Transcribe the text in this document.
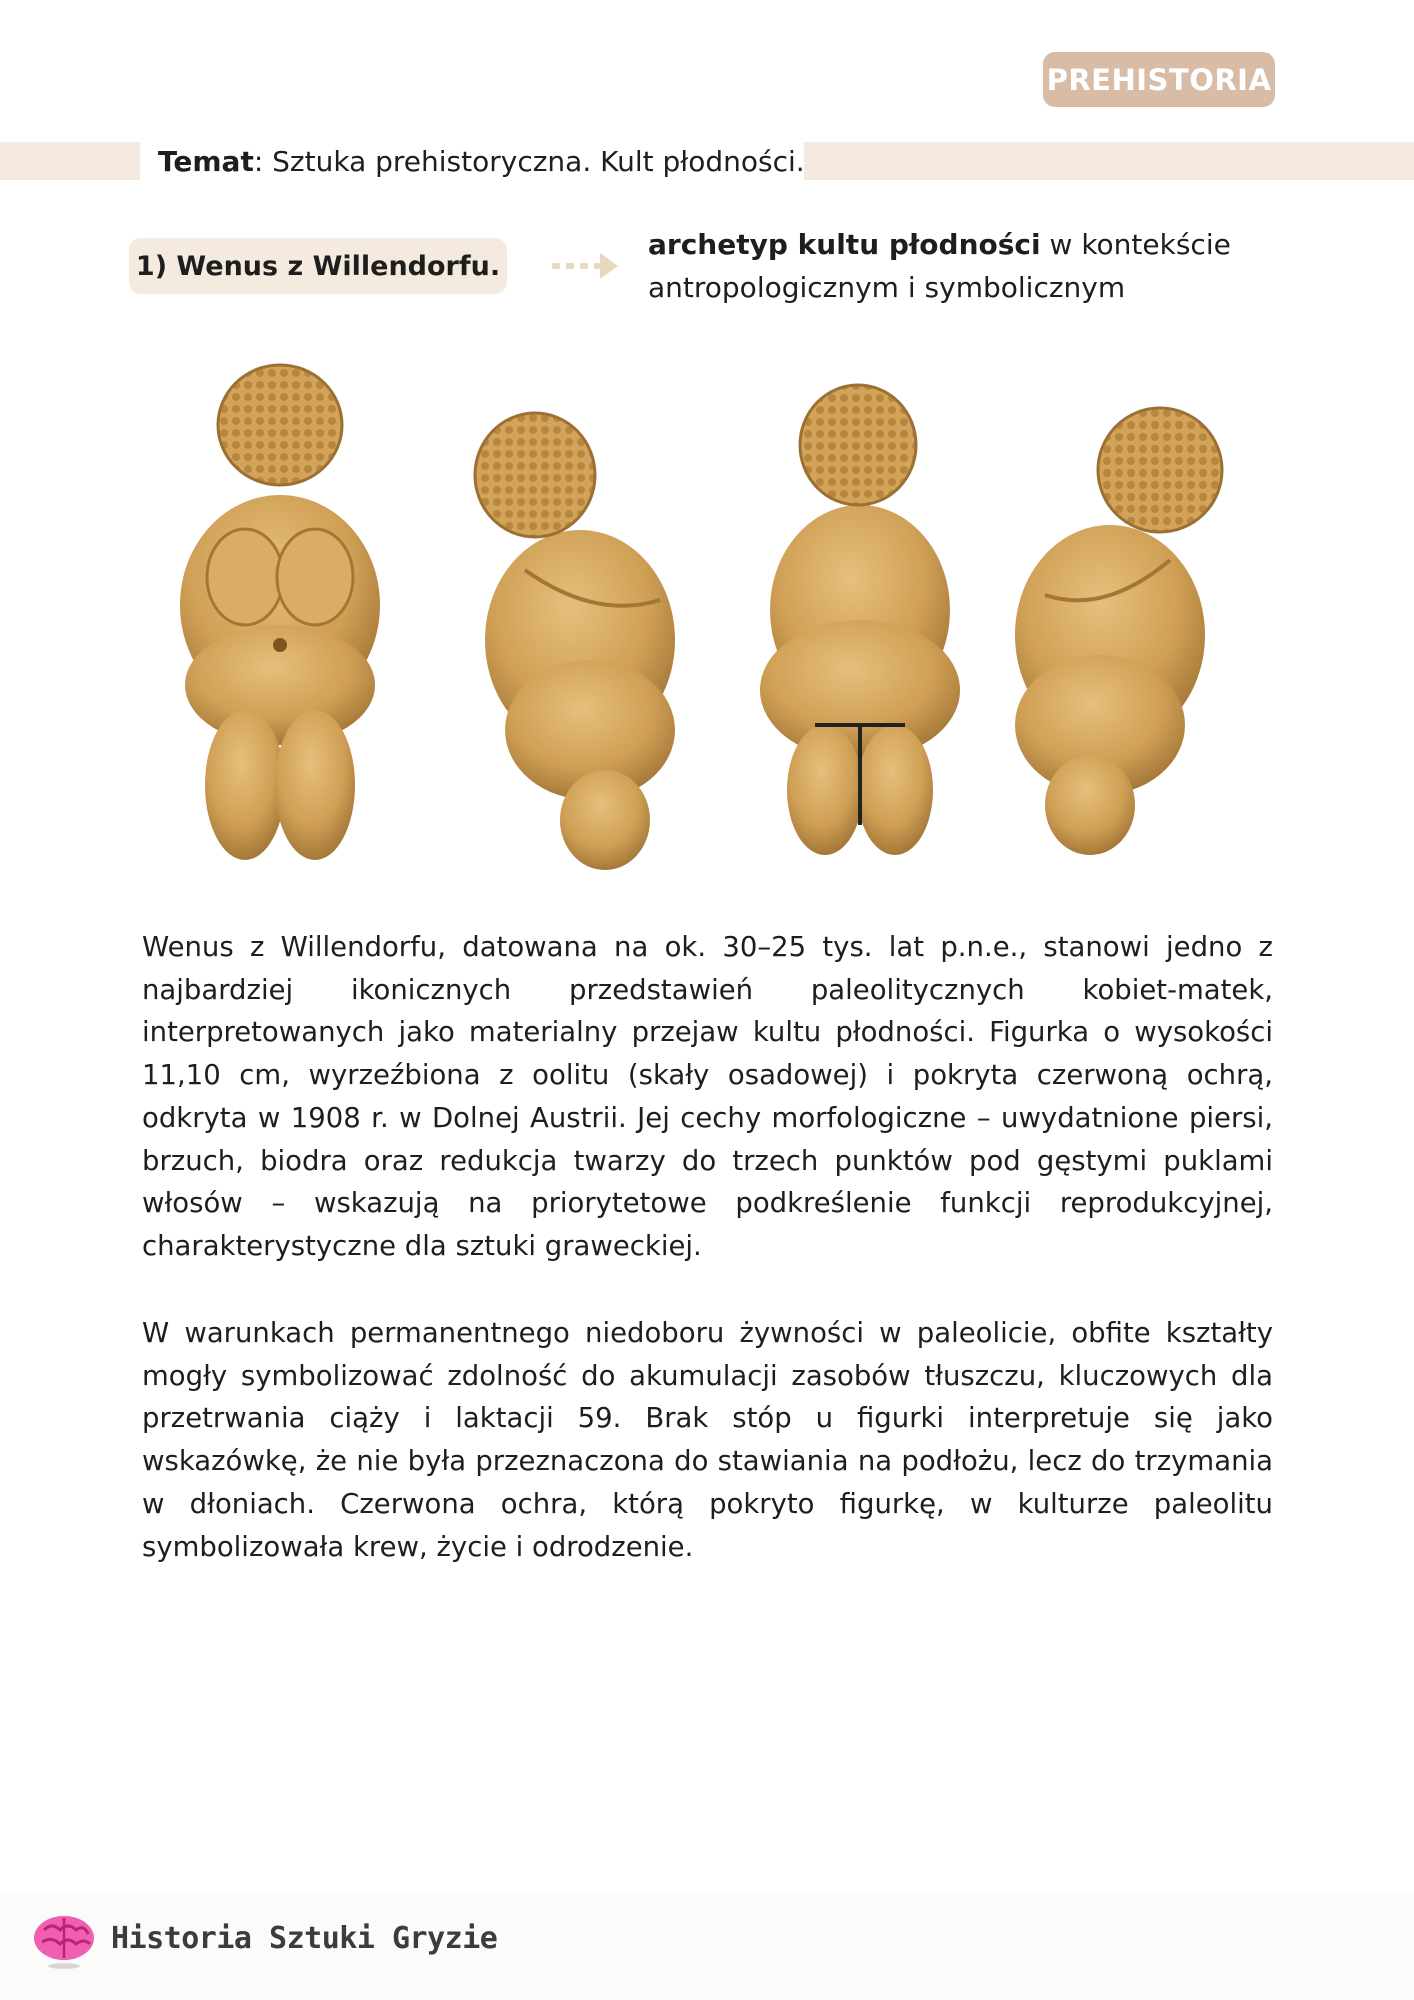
PREHISTORIA
Temat : Sztuka prehistoryczna. Kult płodności.
1) Wenus z Willendorfu.
archetyp kultu płodności w kontekście antropologicznym i symbolicznym

Wenus z Willendorfu, datowana na ok. 30–25 tys. lat p.n.e., stanowi jedno z najbardziej ikonicznych przedstawień paleolitycznych kobiet-matek, interpretowanych jako materialny przejaw kultu płodności. Figurka o wysokości 11,10 cm, wyrzeźbiona z oolitu (skały osadowej) i pokryta czerwoną ochrą, odkryta w 1908 r. w Dolnej Austrii. Jej cechy morfologiczne – uwydatnione piersi, brzuch, biodra oraz redukcja twarzy do trzech punktów pod gęstymi puklami włosów – wskazują na priorytetowe podkreślenie funkcji reprodukcyjnej, charakterystyczne dla sztuki graweckiej.

W warunkach permanentnego niedoboru żywności w paleolicie, obfite kształty mogły symbolizować zdolność do akumulacji zasobów tłuszczu, kluczowych dla przetrwania ciąży i laktacji 59. Brak stóp u figurki interpretuje się jako wskazówkę, że nie była przeznaczona do stawiania na podłożu, lecz do trzymania w dłoniach. Czerwona ochra, którą pokryto figurkę, w kulturze paleolitu symbolizowała krew, życie i odrodzenie.

Historia Sztuki Gryzie
